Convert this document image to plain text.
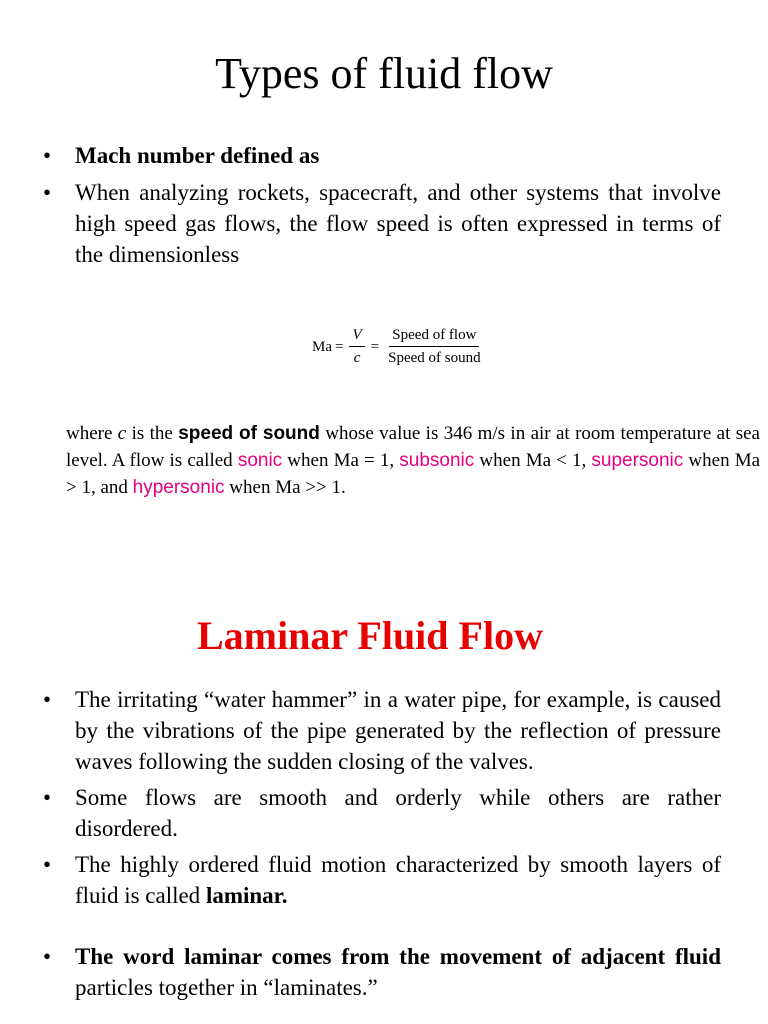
Types of fluid flow
• Mach number defined as
• When analyzing rockets, spacecraft, and other systems that involve high speed gas flows, the flow speed is often expressed in terms of the dimensionless
$Ma = \frac{V}{c} = \frac{\text{Speed of flow}}{\text{Speed of sound}}$

where c is the speed of sound whose value is 346 m/s in air at room temperature at sea level. A flow is called sonic when Ma = 1, subsonic when Ma < 1, supersonic when Ma > 1, and hypersonic when Ma >> 1.

Laminar Fluid Flow
• The irritating “water hammer” in a water pipe, for example, is caused by the vibrations of the pipe generated by the reflection of pressure waves following the sudden closing of the valves.
• Some flows are smooth and orderly while others are rather disordered.
• The highly ordered fluid motion characterized by smooth layers of fluid is called laminar.
• The word laminar comes from the movement of adjacent fluid particles together in “laminates.”
